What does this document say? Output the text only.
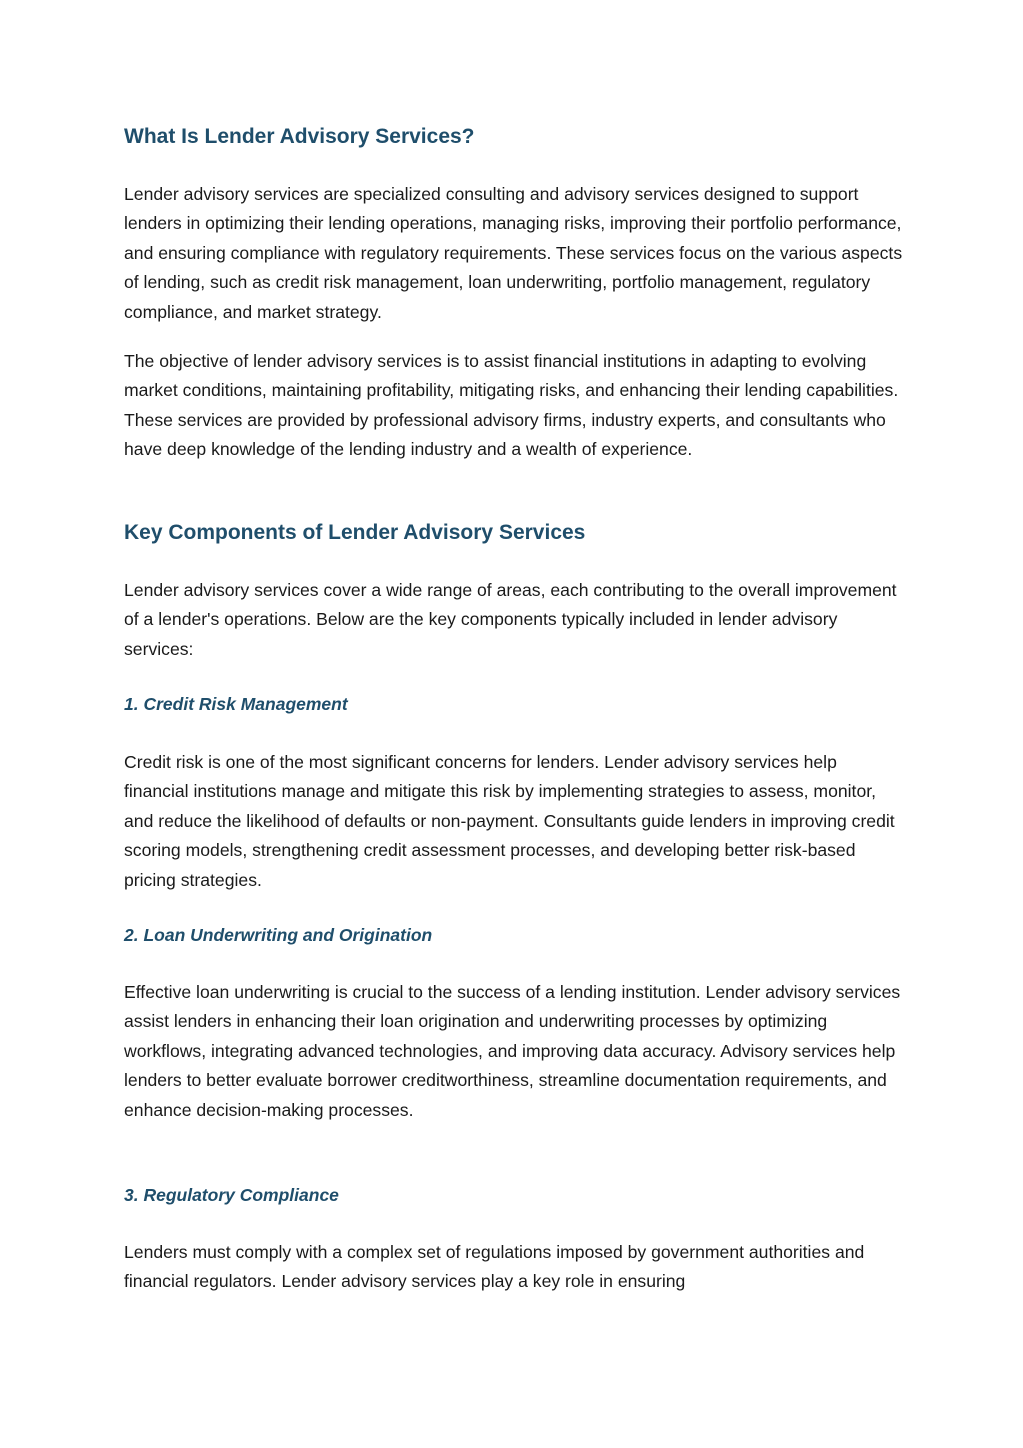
What Is Lender Advisory Services?

Lender advisory services are specialized consulting and advisory services designed to support lenders in optimizing their lending operations, managing risks, improving their portfolio performance, and ensuring compliance with regulatory requirements. These services focus on the various aspects of lending, such as credit risk management, loan underwriting, portfolio management, regulatory compliance, and market strategy.

The objective of lender advisory services is to assist financial institutions in adapting to evolving market conditions, maintaining profitability, mitigating risks, and enhancing their lending capabilities. These services are provided by professional advisory firms, industry experts, and consultants who have deep knowledge of the lending industry and a wealth of experience.

Key Components of Lender Advisory Services

Lender advisory services cover a wide range of areas, each contributing to the overall improvement of a lender's operations. Below are the key components typically included in lender advisory services:

1. Credit Risk Management

Credit risk is one of the most significant concerns for lenders. Lender advisory services help financial institutions manage and mitigate this risk by implementing strategies to assess, monitor, and reduce the likelihood of defaults or non-payment. Consultants guide lenders in improving credit scoring models, strengthening credit assessment processes, and developing better risk-based pricing strategies.

2. Loan Underwriting and Origination

Effective loan underwriting is crucial to the success of a lending institution. Lender advisory services assist lenders in enhancing their loan origination and underwriting processes by optimizing workflows, integrating advanced technologies, and improving data accuracy. Advisory services help lenders to better evaluate borrower creditworthiness, streamline documentation requirements, and enhance decision-making processes.

3. Regulatory Compliance

Lenders must comply with a complex set of regulations imposed by government authorities and financial regulators. Lender advisory services play a key role in ensuring
